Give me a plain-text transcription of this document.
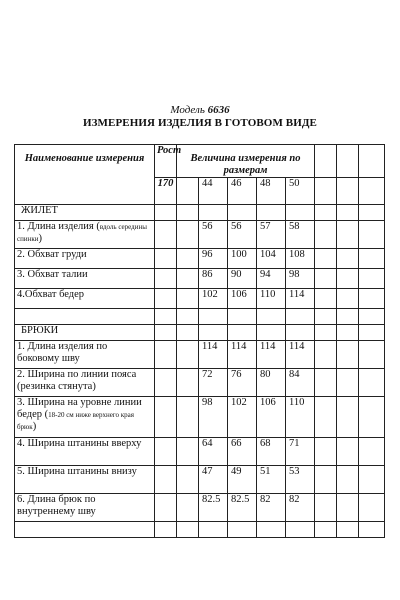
Модель 6636
ИЗМЕРЕНИЯ ИЗДЕЛИЯ В ГОТОВОМ ВИДЕ
Наименование измерения	Рост	Величина измерения по размерам							
	170		44	46	48	50			
ЖИЛЕТ									
1. Длина изделия (вдоль середины спинки)			56	56	57	58			
2. Обхват груди			96	100	104	108			
3. Обхват талии			86	90	94	98			
4.Обхват бедер			102	106	110	114			

БРЮКИ									
1. Длина изделия по боковому шву			114	114	114	114			
2. Ширина по линии пояса (резинка стянута)			72	76	80	84			
3. Ширина на уровне линии бедер (18-20 см ниже верхнего края брюк)			98	102	106	110			
4. Ширина штанины вверху			64	66	68	71			
5. Ширина штанины внизу			47	49	51	53			
6. Длина брюк по внутреннему шву			82.5	82.5	82	82			
